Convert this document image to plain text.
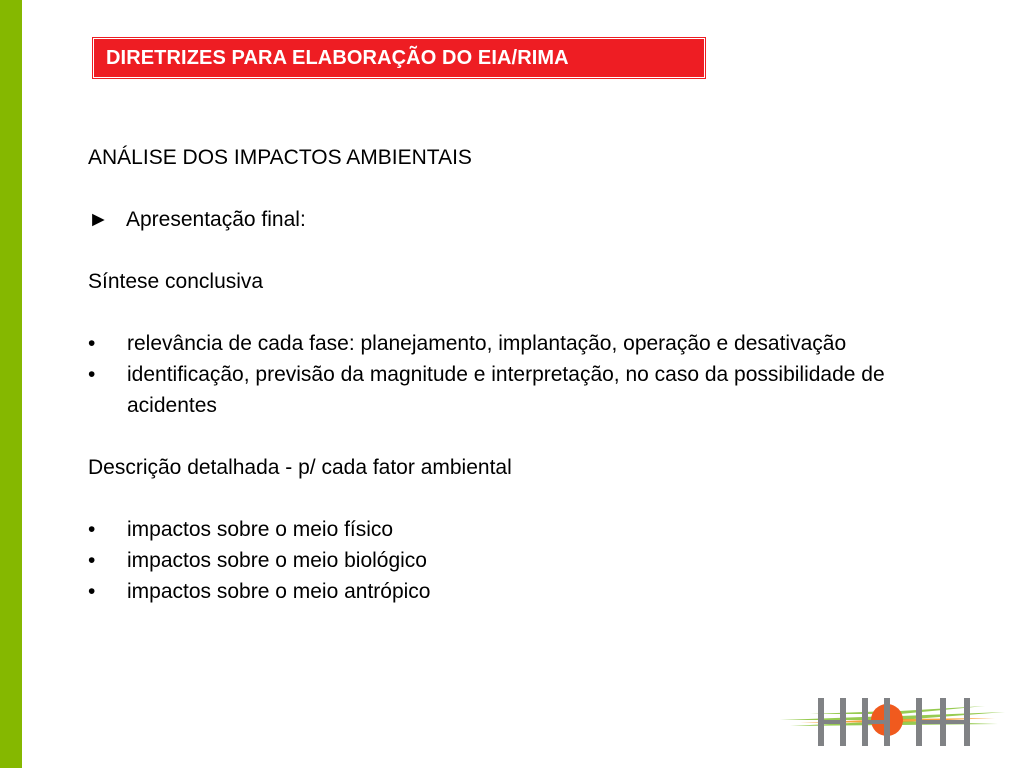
DIRETRIZES PARA ELABORAÇÃO DO EIA/RIMA
ANÁLISE DOS IMPACTOS AMBIENTAIS
► Apresentação final:
Síntese conclusiva
•	relevância de cada fase: planejamento, implantação, operação e desativação
•	identificação, previsão da magnitude e interpretação, no caso da possibilidade de acidentes
Descrição detalhada - p/ cada fator ambiental
•	impactos sobre o meio físico
•	impactos sobre o meio biológico
•	impactos sobre o meio antrópico
